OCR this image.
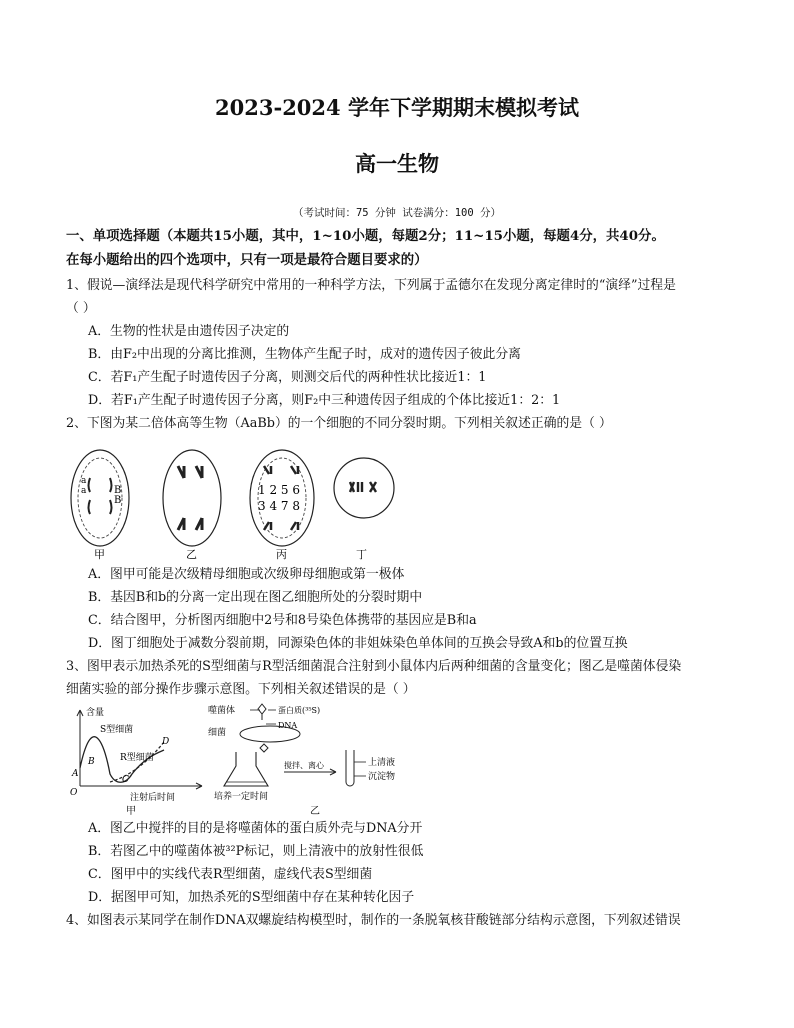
2023-2024 学年下学期期末模拟考试
高一生物
（考试时间：75 分钟 试卷满分：100 分）
一、单项选择题（本题共15小题，其中，1~10小题，每题2分；11~15小题，每题4分，共40分。
在每小题给出的四个选项中，只有一项是最符合题目要求的）
1、假说—演绎法是现代科学研究中常用的一种科学方法，下列属于孟德尔在发现分离定律时的“演绎”过程是
（ ）
A．生物的性状是由遗传因子决定的
B．由F₂中出现的分离比推测，生物体产生配子时，成对的遗传因子彼此分离
C．若F₁产生配子时遗传因子分离，则测交后代的两种性状比接近1：1
D．若F₁产生配子时遗传因子分离，则F₂中三种遗传因子组成的个体比接近1：2：1
2、下图为某二倍体高等生物（AaBb）的一个细胞的不同分裂时期。下列相关叙述正确的是（ ）
a
a	B
B
甲	乙
1 2 5 6
3 4 7 8
丙	丁
A．图甲可能是次级精母细胞或次级卵母细胞或第一极体
B．基因B和b的分离一定出现在图乙细胞所处的分裂时期中
C．结合图甲，分析图丙细胞中2号和8号染色体携带的基因应是B和a
D．图丁细胞处于减数分裂前期，同源染色体的非姐妹染色单体间的互换会导致A和b的位置互换
3、图甲表示加热杀死的S型细菌与R型活细菌混合注射到小鼠体内后两种细菌的含量变化；图乙是噬菌体侵染
细菌实验的部分操作步骤示意图。下列相关叙述错误的是（ ）
含量
O	注射后时间
S型细菌
R型细菌
A
B
C
D
甲
噬菌体	蛋白质(³⁵S)
DNA
细菌
培养一定时间
搅拌、离心	上清液
沉淀物
乙
A．图乙中搅拌的目的是将噬菌体的蛋白质外壳与DNA分开
B．若图乙中的噬菌体被³²P标记，则上清液中的放射性很低
C．图甲中的实线代表R型细菌，虚线代表S型细菌
D．据图甲可知，加热杀死的S型细菌中存在某种转化因子
4、如图表示某同学在制作DNA双螺旋结构模型时，制作的一条脱氧核苷酸链部分结构示意图，下列叙述错误
